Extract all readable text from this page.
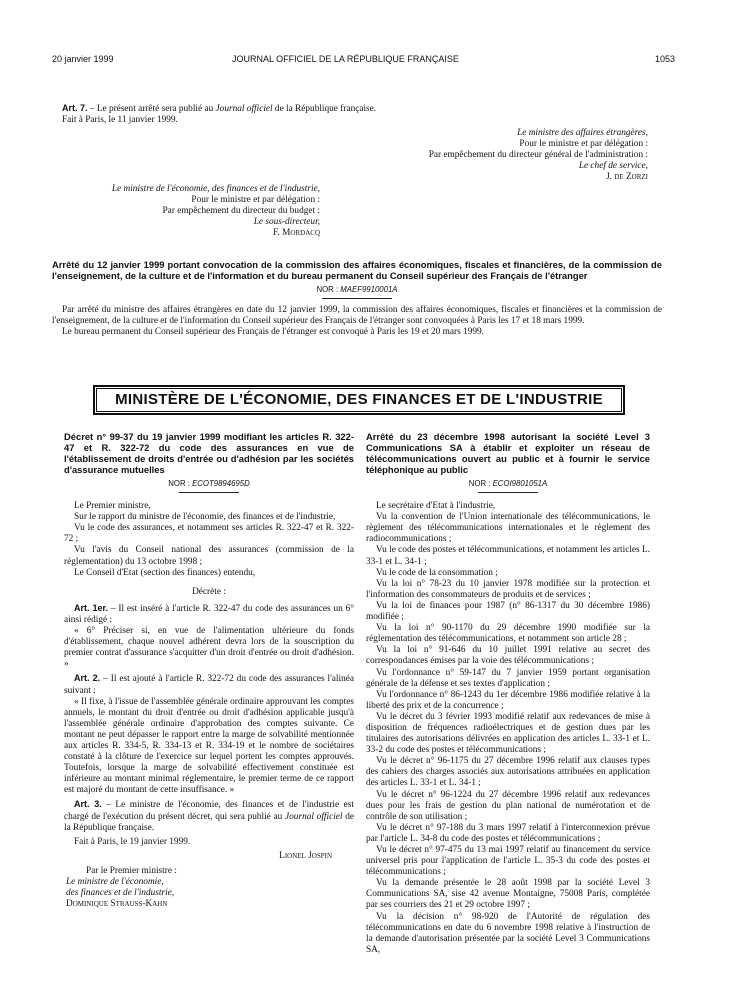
20 janvier 1999	JOURNAL OFFICIEL DE LA RÉPUBLIQUE FRANÇAISE	1053

Art. 7. – Le présent arrêté sera publié au Journal officiel de la République française.

Fait à Paris, le 11 janvier 1999.

Le ministre des affaires étrangères,

Pour le ministre et par délégation :

Par empêchement du directeur général de l'administration :

Le chef de service,

J. de Zorzi

Le ministre de l'économie, des finances et de l'industrie,

Pour le ministre et par délégation :

Par empêchement du directeur du budget :

Le sous-directeur,

F. Mordacq

Arrêté du 12 janvier 1999 portant convocation de la commission des affaires économiques, fiscales et financières, de la commission de l'enseignement, de la culture et de l'information et du bureau permanent du Conseil supérieur des Français de l'étranger

NOR : MAEF9910001A

Par arrêté du ministre des affaires étrangères en date du 12 janvier 1999, la commission des affaires économiques, fiscales et financières et la commission de l'enseignement, de la culture et de l'information du Conseil supérieur des Français de l'étranger sont convoquées à Paris les 17 et 18 mars 1999.

Le bureau permanent du Conseil supérieur des Français de l'étranger est convoqué à Paris les 19 et 20 mars 1999.

MINISTÈRE DE L'ÉCONOMIE, DES FINANCES ET DE L'INDUSTRIE

Décret n° 99-37 du 19 janvier 1999 modifiant les articles R. 322-47 et R. 322-72 du code des assurances en vue de l'établissement de droits d'entrée ou d'adhésion par les sociétés d'assurance mutuelles

NOR : ECOT9894695D

Le Premier ministre,

Sur le rapport du ministre de l'économie, des finances et de l'industrie,

Vu le code des assurances, et notamment ses articles R. 322-47 et R. 322-72 ;

Vu l'avis du Conseil national des assurances (commission de la réglementation) du 13 octobre 1998 ;

Le Conseil d'Etat (section des finances) entendu,

Décrète :

Art. 1er. – Il est inséré à l'article R. 322-47 du code des assurances un 6° ainsi rédigé :

« 6° Préciser si, en vue de l'alimentation ultérieure du fonds d'établissement, chaque nouvel adhérent devra lors de la souscription du premier contrat d'assurance s'acquitter d'un droit d'entrée ou droit d'adhésion. »

Art. 2. – Il est ajouté à l'article R. 322-72 du code des assurances l'alinéa suivant :

« Il fixe, à l'issue de l'assemblée générale ordinaire approuvant les comptes annuels, le montant du droit d'entrée ou droit d'adhésion applicable jusqu'à l'assemblée générale ordinaire d'approbation des comptes suivante. Ce montant ne peut dépasser le rapport entre la marge de solvabilité mentionnée aux articles R. 334-5, R. 334-13 et R. 334-19 et le nombre de sociétaires constaté à la clôture de l'exercice sur lequel portent les comptes approuvés. Toutefois, lorsque la marge de solvabilité effectivement constituée est inférieure au montant minimal réglementaire, le premier terme de ce rapport est majoré du montant de cette insuffisance. »

Art. 3. – Le ministre de l'économie, des finances et de l'industrie est chargé de l'exécution du présent décret, qui sera publié au Journal officiel de la République française.

Fait à Paris, le 19 janvier 1999.

Lionel Jospin

Par le Premier ministre :

Le ministre de l'économie,

des finances et de l'industrie,

Dominique Strauss-Kahn

Arrêté du 23 décembre 1998 autorisant la société Level 3 Communications SA à établir et exploiter un réseau de télécommunications ouvert au public et à fournir le service téléphonique au public

NOR : ECOI9801051A

Le secrétaire d'Etat à l'industrie,

Vu la convention de l'Union internationale des télécommunications, le règlement des télécommunications internationales et le règlement des radiocommunications ;

Vu le code des postes et télécommunications, et notamment les articles L. 33-1 et L. 34-1 ;

Vu le code de la consommation ;

Vu la loi n° 78-23 du 10 janvier 1978 modifiée sur la protection et l'information des consommateurs de produits et de services ;

Vu la loi de finances pour 1987 (n° 86-1317 du 30 décembre 1986) modifiée ;

Vu la loi n° 90-1170 du 29 décembre 1990 modifiée sur la réglementation des télécommunications, et notamment son article 28 ;

Vu la loi n° 91-646 du 10 juillet 1991 relative au secret des correspondances émises par la voie des télécommunications ;

Vu l'ordonnance n° 59-147 du 7 janvier 1959 portant organisation générale de la défense et ses textes d'application ;

Vu l'ordonnance n° 86-1243 du 1er décembre 1986 modifiée relative à la liberté des prix et de la concurrence ;

Vu le décret du 3 février 1993 modifié relatif aux redevances de mise à disposition de fréquences radioélectriques et de gestion dues par les titulaires des autorisations délivrées en application des articles L. 33-1 et L. 33-2 du code des postes et télécommunications ;

Vu le décret n° 96-1175 du 27 décembre 1996 relatif aux clauses types des cahiers des charges associés aux autorisations attribuées en application des articles L. 33-1 et L. 34-1 ;

Vu le décret n° 96-1224 du 27 décembre 1996 relatif aux redevances dues pour les frais de gestion du plan national de numérotation et de contrôle de son utilisation ;

Vu le décret n° 97-188 du 3 mars 1997 relatif à l'interconnexion prévue par l'article L. 34-8 du code des postes et télécommunications ;

Vu le décret n° 97-475 du 13 mai 1997 relatif au financement du service universel pris pour l'application de l'article L. 35-3 du code des postes et télécommunications ;

Vu la demande présentée le 28 août 1998 par la société Level 3 Communications SA, sise 42 avenue Montaigne, 75008 Paris, complétée par ses courriers des 21 et 29 octobre 1997 ;

Vu la décision n° 98-920 de l'Autorité de régulation des télécommunications en date du 6 novembre 1998 relative à l'instruction de la demande d'autorisation présentée par la société Level 3 Communications SA,
